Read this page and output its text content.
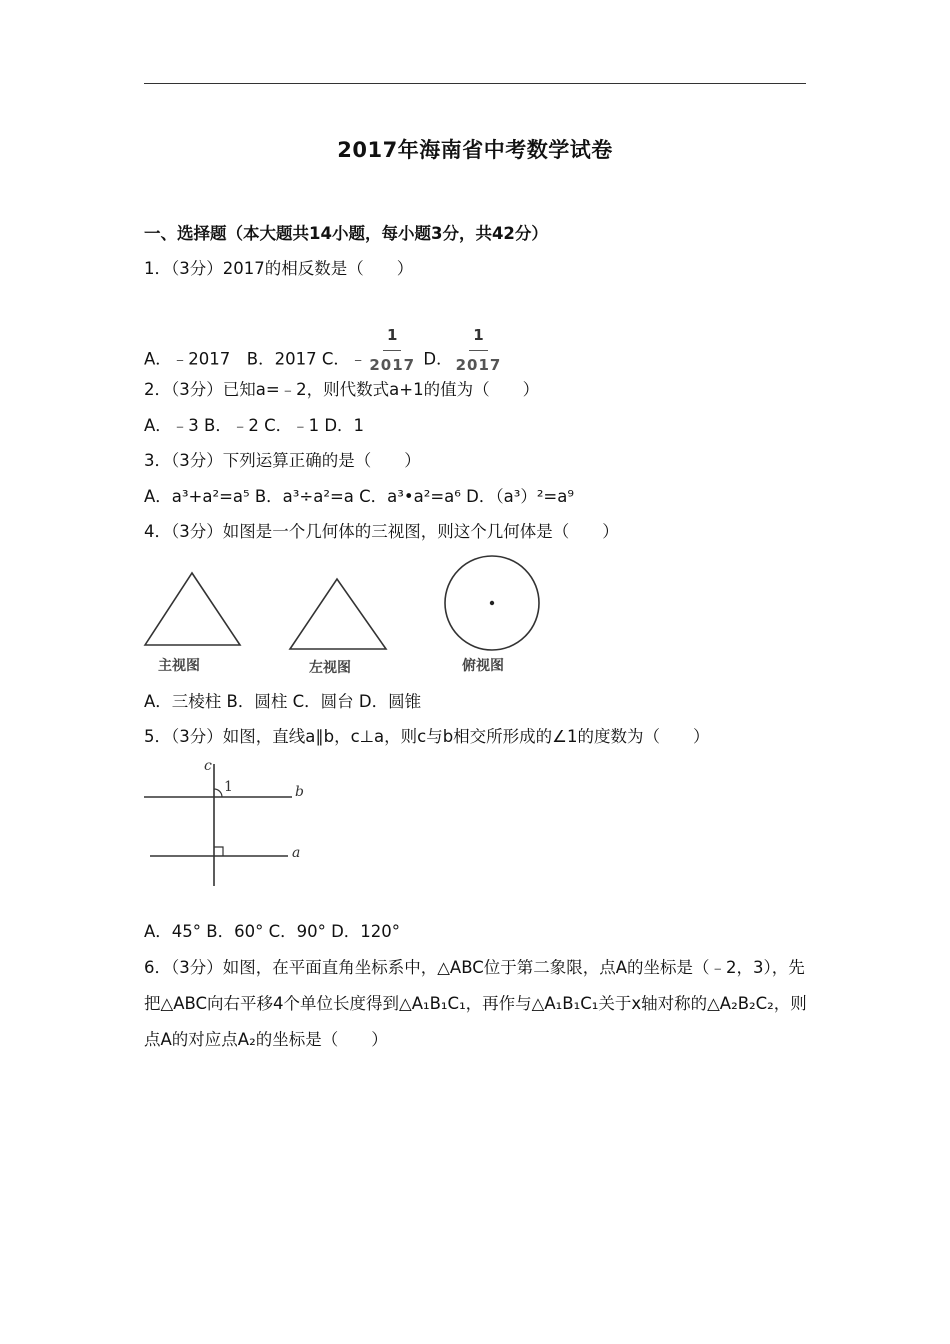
2017年海南省中考数学试卷
一、选择题（本大题共14小题，每小题3分，共42分）
1．（3分）2017的相反数是（　　）
A．﹣2017　B．2017 C．﹣ $\frac{1}{2017}$ D． $\frac{1}{2017}$
2．（3分）已知a=﹣2，则代数式a+1的值为（　　）
A．﹣3 B．﹣2 C．﹣1 D．1
3．（3分）下列运算正确的是（　　）
A．a³+a²=a⁵ B．a³÷a²=a C．a³•a²=a⁶ D．（a³）²=a⁹
4．（3分）如图是一个几何体的三视图，则这个几何体是（　　）
主视图	左视图	俯视图
A．三棱柱 B．圆柱 C．圆台 D．圆锥
5．（3分）如图，直线a∥b，c⊥a，则c与b相交所形成的∠1的度数为（　　）
c
1	b
a
A．45° B．60° C．90° D．120°
6．（3分）如图，在平面直角坐标系中，△ABC位于第二象限，点A的坐标是（﹣2，3），先把△ABC向右平移4个单位长度得到△A₁B₁C₁，再作与△A₁B₁C₁关于x轴对称的△A₂B₂C₂，则点A的对应点A₂的坐标是（　　）
